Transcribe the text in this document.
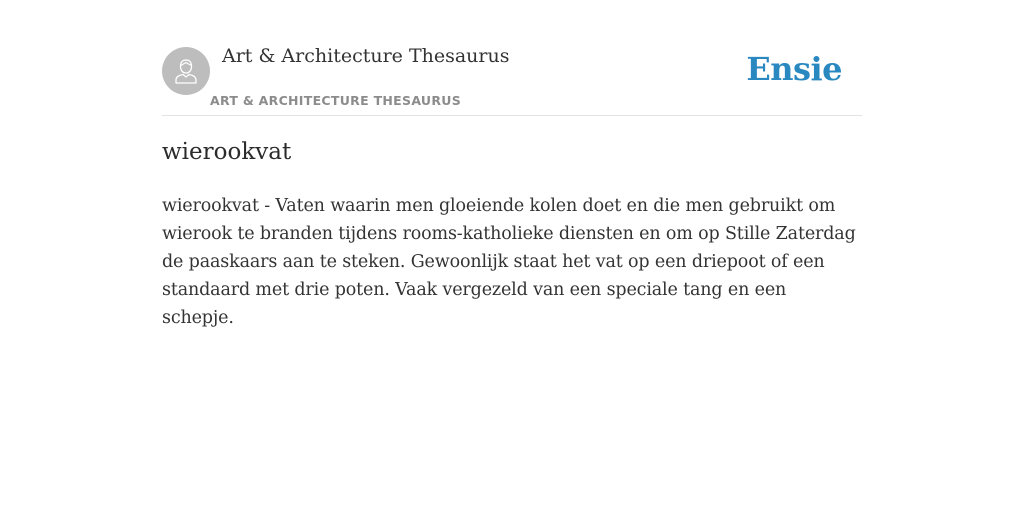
Art & Architecture Thesaurus
ART & ARCHITECTURE THESAURUS
Ensie
wierookvat

wierookvat - Vaten waarin men gloeiende kolen doet en die men gebruikt om wierook te branden tijdens rooms-katholieke diensten en om op Stille Zaterdag de paaskaars aan te steken. Gewoonlijk staat het vat op een driepoot of een standaard met drie poten. Vaak vergezeld van een speciale tang en een schepje.
